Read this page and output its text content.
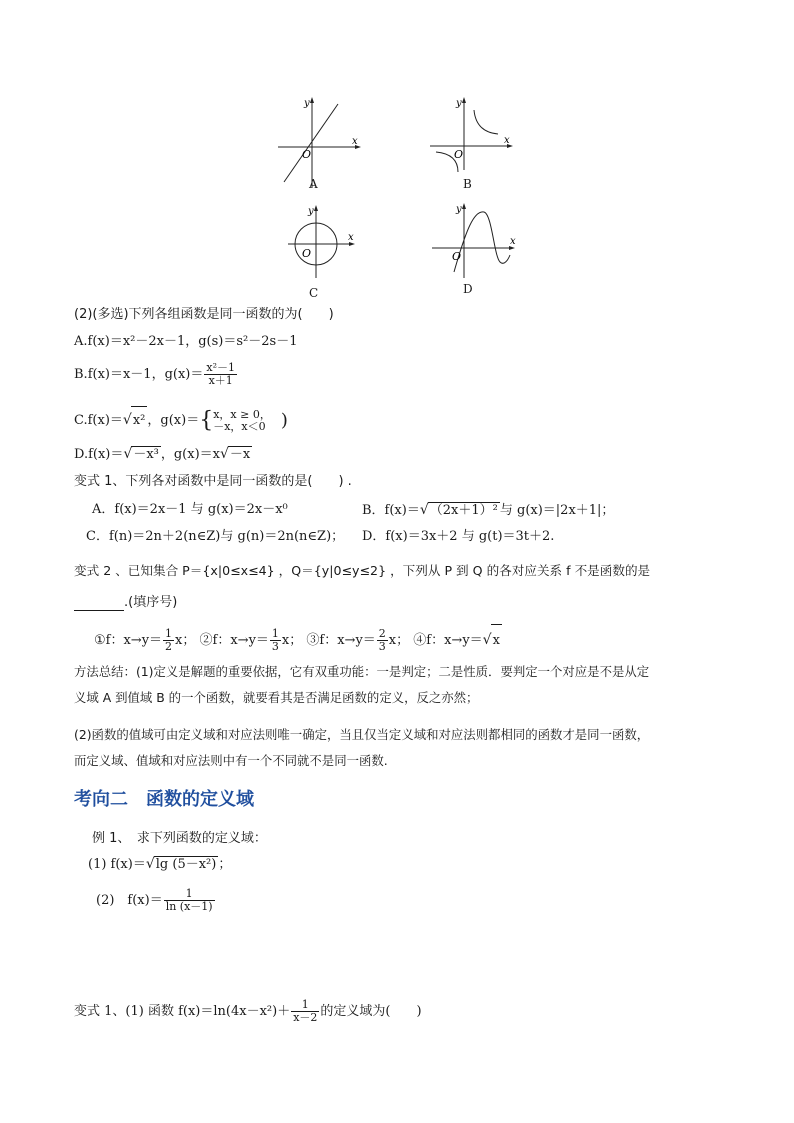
y
x
O
A
y
x
O
B
y
x
O
C
y
x
O
D
(2)(多选)下列各组函数是同一函数的为(　　)
A.f(x)＝x²－2x－1，g(s)＝s²－2s－1
B.f(x)＝x－1，$g(x)= \frac{\text{x²－1}}{x+1}$
C.f(x)＝√x² ，g(x)＝{ x，x ≥ 0，
－x，x＜0 )
D.f(x)＝√－x³ ，g(x)＝x√－x
变式 1、下列各对函数中是同一函数的是(　　) .
A．f(x)＝2x－1 与 g(x)＝2x－x⁰	B．f(x)＝√（2x＋1）² 与 g(x)＝|2x＋1|；
C．f(n)＝2n＋2(n∈Z)与 g(n)＝2n(n∈Z)； D．f(x)＝3x＋2 与 g(t)＝3t＋2.
变式 2 、已知集合 P＝{x|0≤x≤4} ，Q＝{y|0≤y≤2} ，下列从 P 到 Q 的各对应关系 f 不是函数的是
.(填序号)
①f：$x\to y= \frac{1}{2}$ x； ②f：$x\to y= \frac{1}{3}$ x； ③f：$x\to y= \frac{2}{3}$ x； ④f：x→y＝√x
方法总结：(1)定义是解题的重要依据，它有双重功能：一是判定；二是性质．要判定一个对应是不是从定
义域 A 到值域 B 的一个函数，就要看其是否满足函数的定义，反之亦然；
(2)函数的值域可由定义域和对应法则唯一确定，当且仅当定义域和对应法则都相同的函数才是同一函数，
而定义域、值域和对应法则中有一个不同就不是同一函数.
考向二　函数的定义域
例 1、　求下列函数的定义域：
(1) f(x)＝√lg (5－x²) ；
(2)　$f(x)= \frac{1}{\ln (x-1)}$
变式 1、(1) 函数 $f(x)=\ln(4x-x^2)+ \frac{1}{x-2}$ 的定义域为(　　)
